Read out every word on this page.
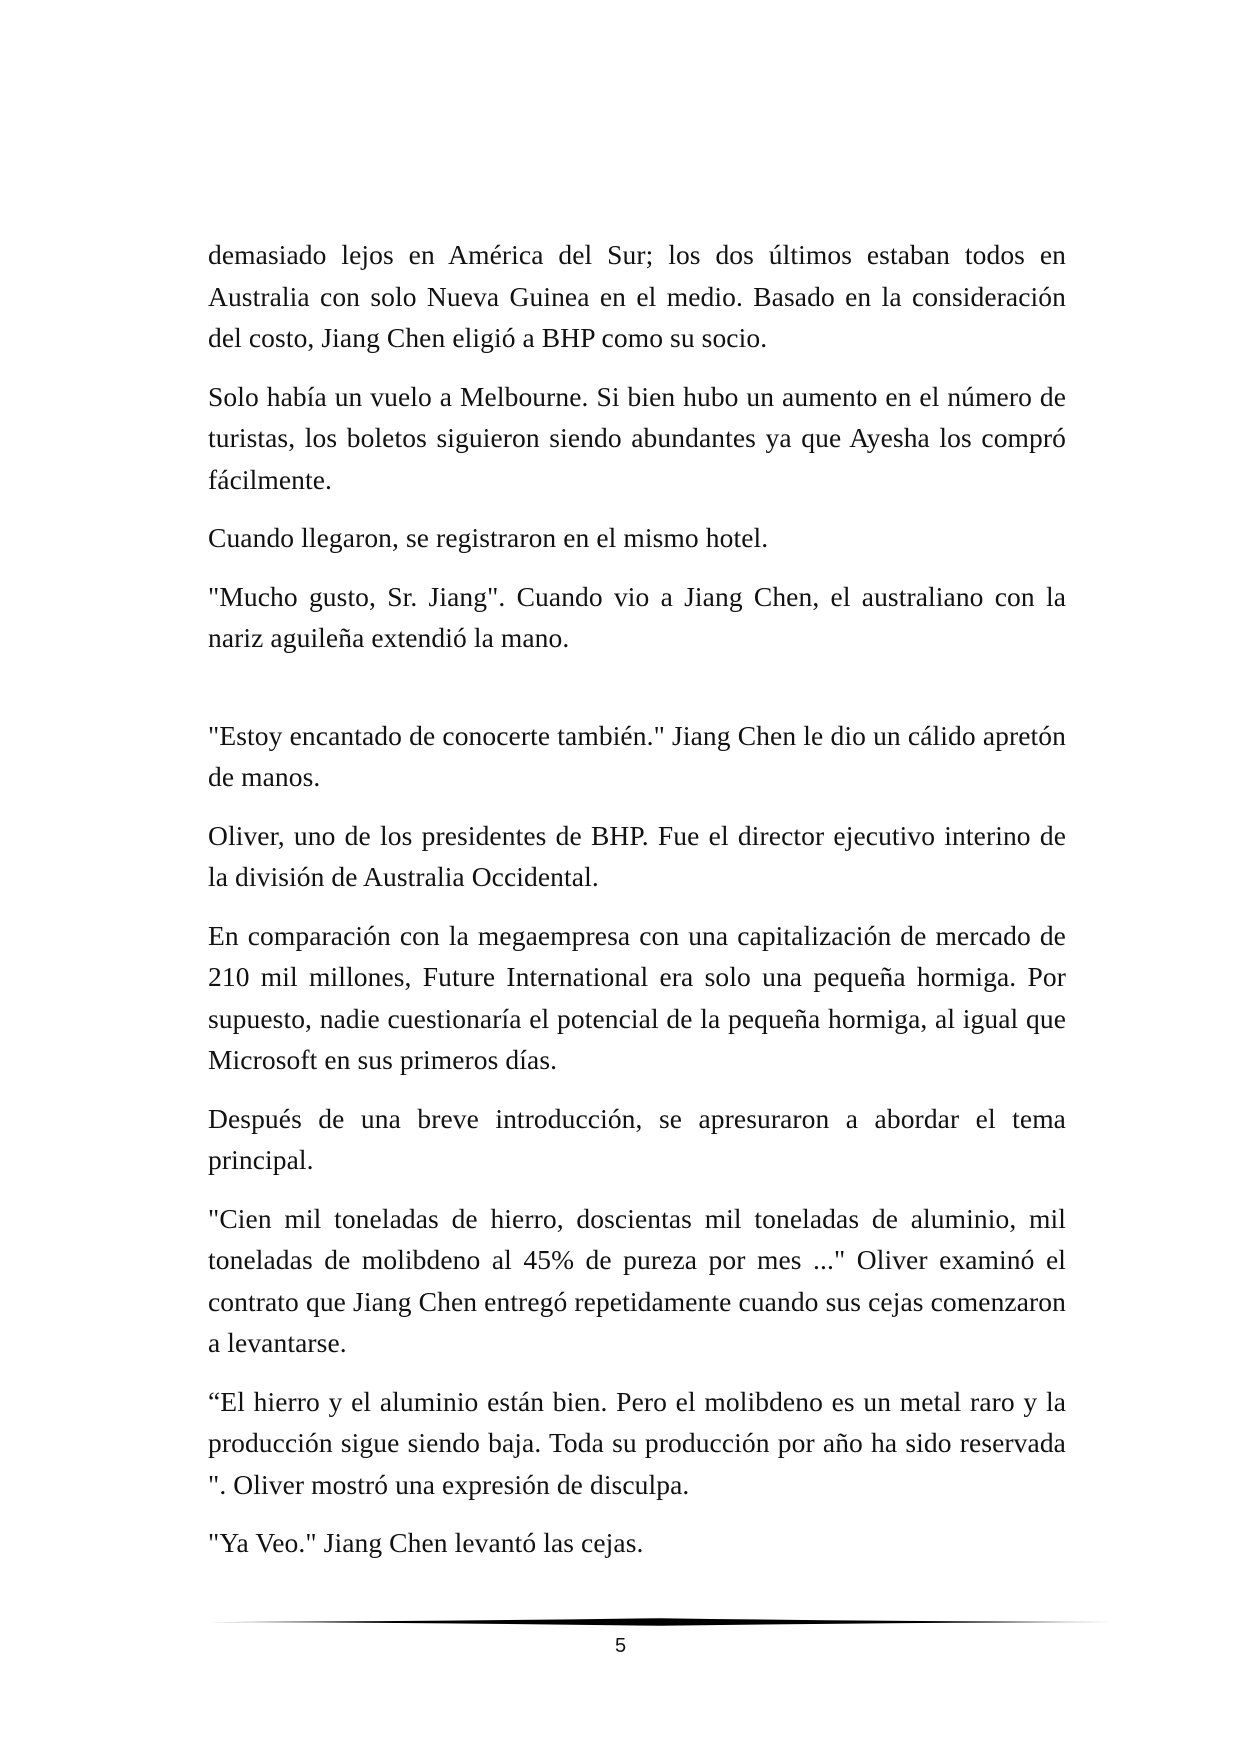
demasiado lejos en América del Sur; los dos últimos estaban todos en Australia con solo Nueva Guinea en el medio. Basado en la consideración del costo, Jiang Chen eligió a BHP como su socio.

Solo había un vuelo a Melbourne. Si bien hubo un aumento en el número de turistas, los boletos siguieron siendo abundantes ya que Ayesha los compró fácilmente.

Cuando llegaron, se registraron en el mismo hotel.

"Mucho gusto, Sr. Jiang". Cuando vio a Jiang Chen, el australiano con la nariz aguileña extendió la mano.

"Estoy encantado de conocerte también." Jiang Chen le dio un cálido apretón de manos.

Oliver, uno de los presidentes de BHP. Fue el director ejecutivo interino de la división de Australia Occidental.

En comparación con la megaempresa con una capitalización de mercado de 210 mil millones, Future International era solo una pequeña hormiga. Por supuesto, nadie cuestionaría el potencial de la pequeña hormiga, al igual que Microsoft en sus primeros días.

Después de una breve introducción, se apresuraron a abordar el tema principal.

"Cien mil toneladas de hierro, doscientas mil toneladas de aluminio, mil toneladas de molibdeno al 45% de pureza por mes ..." Oliver examinó el contrato que Jiang Chen entregó repetidamente cuando sus cejas comenzaron a levantarse.

“El hierro y el aluminio están bien. Pero el molibdeno es un metal raro y la producción sigue siendo baja. Toda su producción por año ha sido reservada ". Oliver mostró una expresión de disculpa.

"Ya Veo." Jiang Chen levantó las cejas.

5
